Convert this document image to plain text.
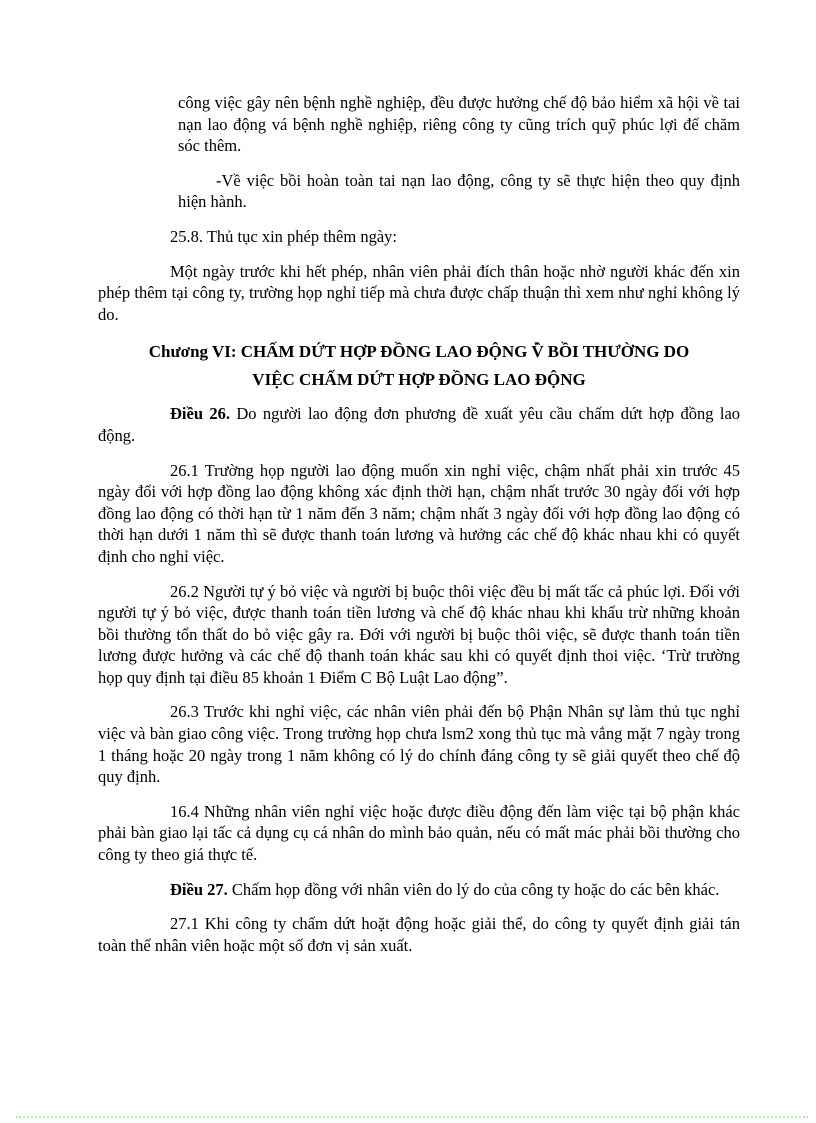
công việc gây nên bệnh nghề nghiệp, đều được hưởng chế độ bảo hiểm xã hội về tai nạn lao động vá bệnh nghề nghiệp, riêng công ty cũng trích quỹ phúc lợi để chăm sóc thêm.

-Về việc bồi hoàn toàn tai nạn lao động, công ty sẽ thực hiện theo quy định hiện hành.

25.8. Thủ tục xin phép thêm ngày:

Một ngày trước khi hết phép, nhân viên phải đích thân hoặc nhờ người khác đến xin phép thêm tại công ty, trường họp nghỉ tiếp mà chưa được chấp thuận thì xem như nghỉ không lý do.

Chương VI: CHẤM DỨT HỢP ĐỒNG LAO ĐỘNG V̂̀ BỒI THƯỜNG DO
VIỆC CHẤM DỨT HỢP ĐỒNG LAO ĐỘNG

Điều 26. Do người lao động đơn phương đề xuất yêu cầu chấm dứt hợp đồng lao động.

26.1 Trường họp người lao động muốn xin nghỉ việc, chậm nhất phải xin trước 45 ngày đối với hợp đồng lao động không xác định thời hạn, chậm nhất trước 30 ngày đối với hợp đồng lao động có thời hạn từ 1 năm đến 3 năm; chậm nhất 3 ngày đối với hợp đồng lao động có thời hạn dưới 1 năm thì sẽ được thanh toán lương và hưởng các chế độ khác nhau khi có quyết định cho nghỉ việc.

26.2 Người tự ý bỏ việc và người bị buộc thôi việc đều bị mất tấc cả phúc lợi. Đối với người tự ý bỏ việc, được thanh toán tiền lương và chế độ khác nhau khi khấu trừ những khoản bồi thường tổn thất do bỏ việc gây ra. Đới với người bị buộc thôi việc, sẽ được thanh toán tiền lương được hưởng và các chế độ thanh toán khác sau khi có quyết định thoi việc. ‘Trừ trường họp quy định tại điều 85 khoản 1 Điểm C Bộ Luật Lao động”.

26.3 Trước khi nghỉ việc, các nhân viên phải đến bộ Phận Nhân sự làm thủ tục nghỉ việc và bàn giao công việc. Trong trường họp chưa lsm2 xong thủ tục mà vắng mặt 7 ngày trong 1 tháng hoặc 20 ngày trong 1 năm không có lý do chính đáng công ty sẽ giải quyết theo chế độ quy định.

16.4 Những nhân viên nghỉ việc hoặc được điều động đến làm việc tại bộ phận khác phải bàn giao lại tấc cả dụng cụ cá nhân do mình bảo quản, nếu có mất mác phải bồi thường cho công ty theo giá thực tế.

Điều 27. Chấm họp đồng với nhân viên do lý do của công ty hoặc do các bên khác.

27.1 Khi công ty chấm dứt hoặt động hoặc giải thể, do công ty quyết định giải tán toàn thể nhân viên hoặc một số đơn vị sản xuất.
